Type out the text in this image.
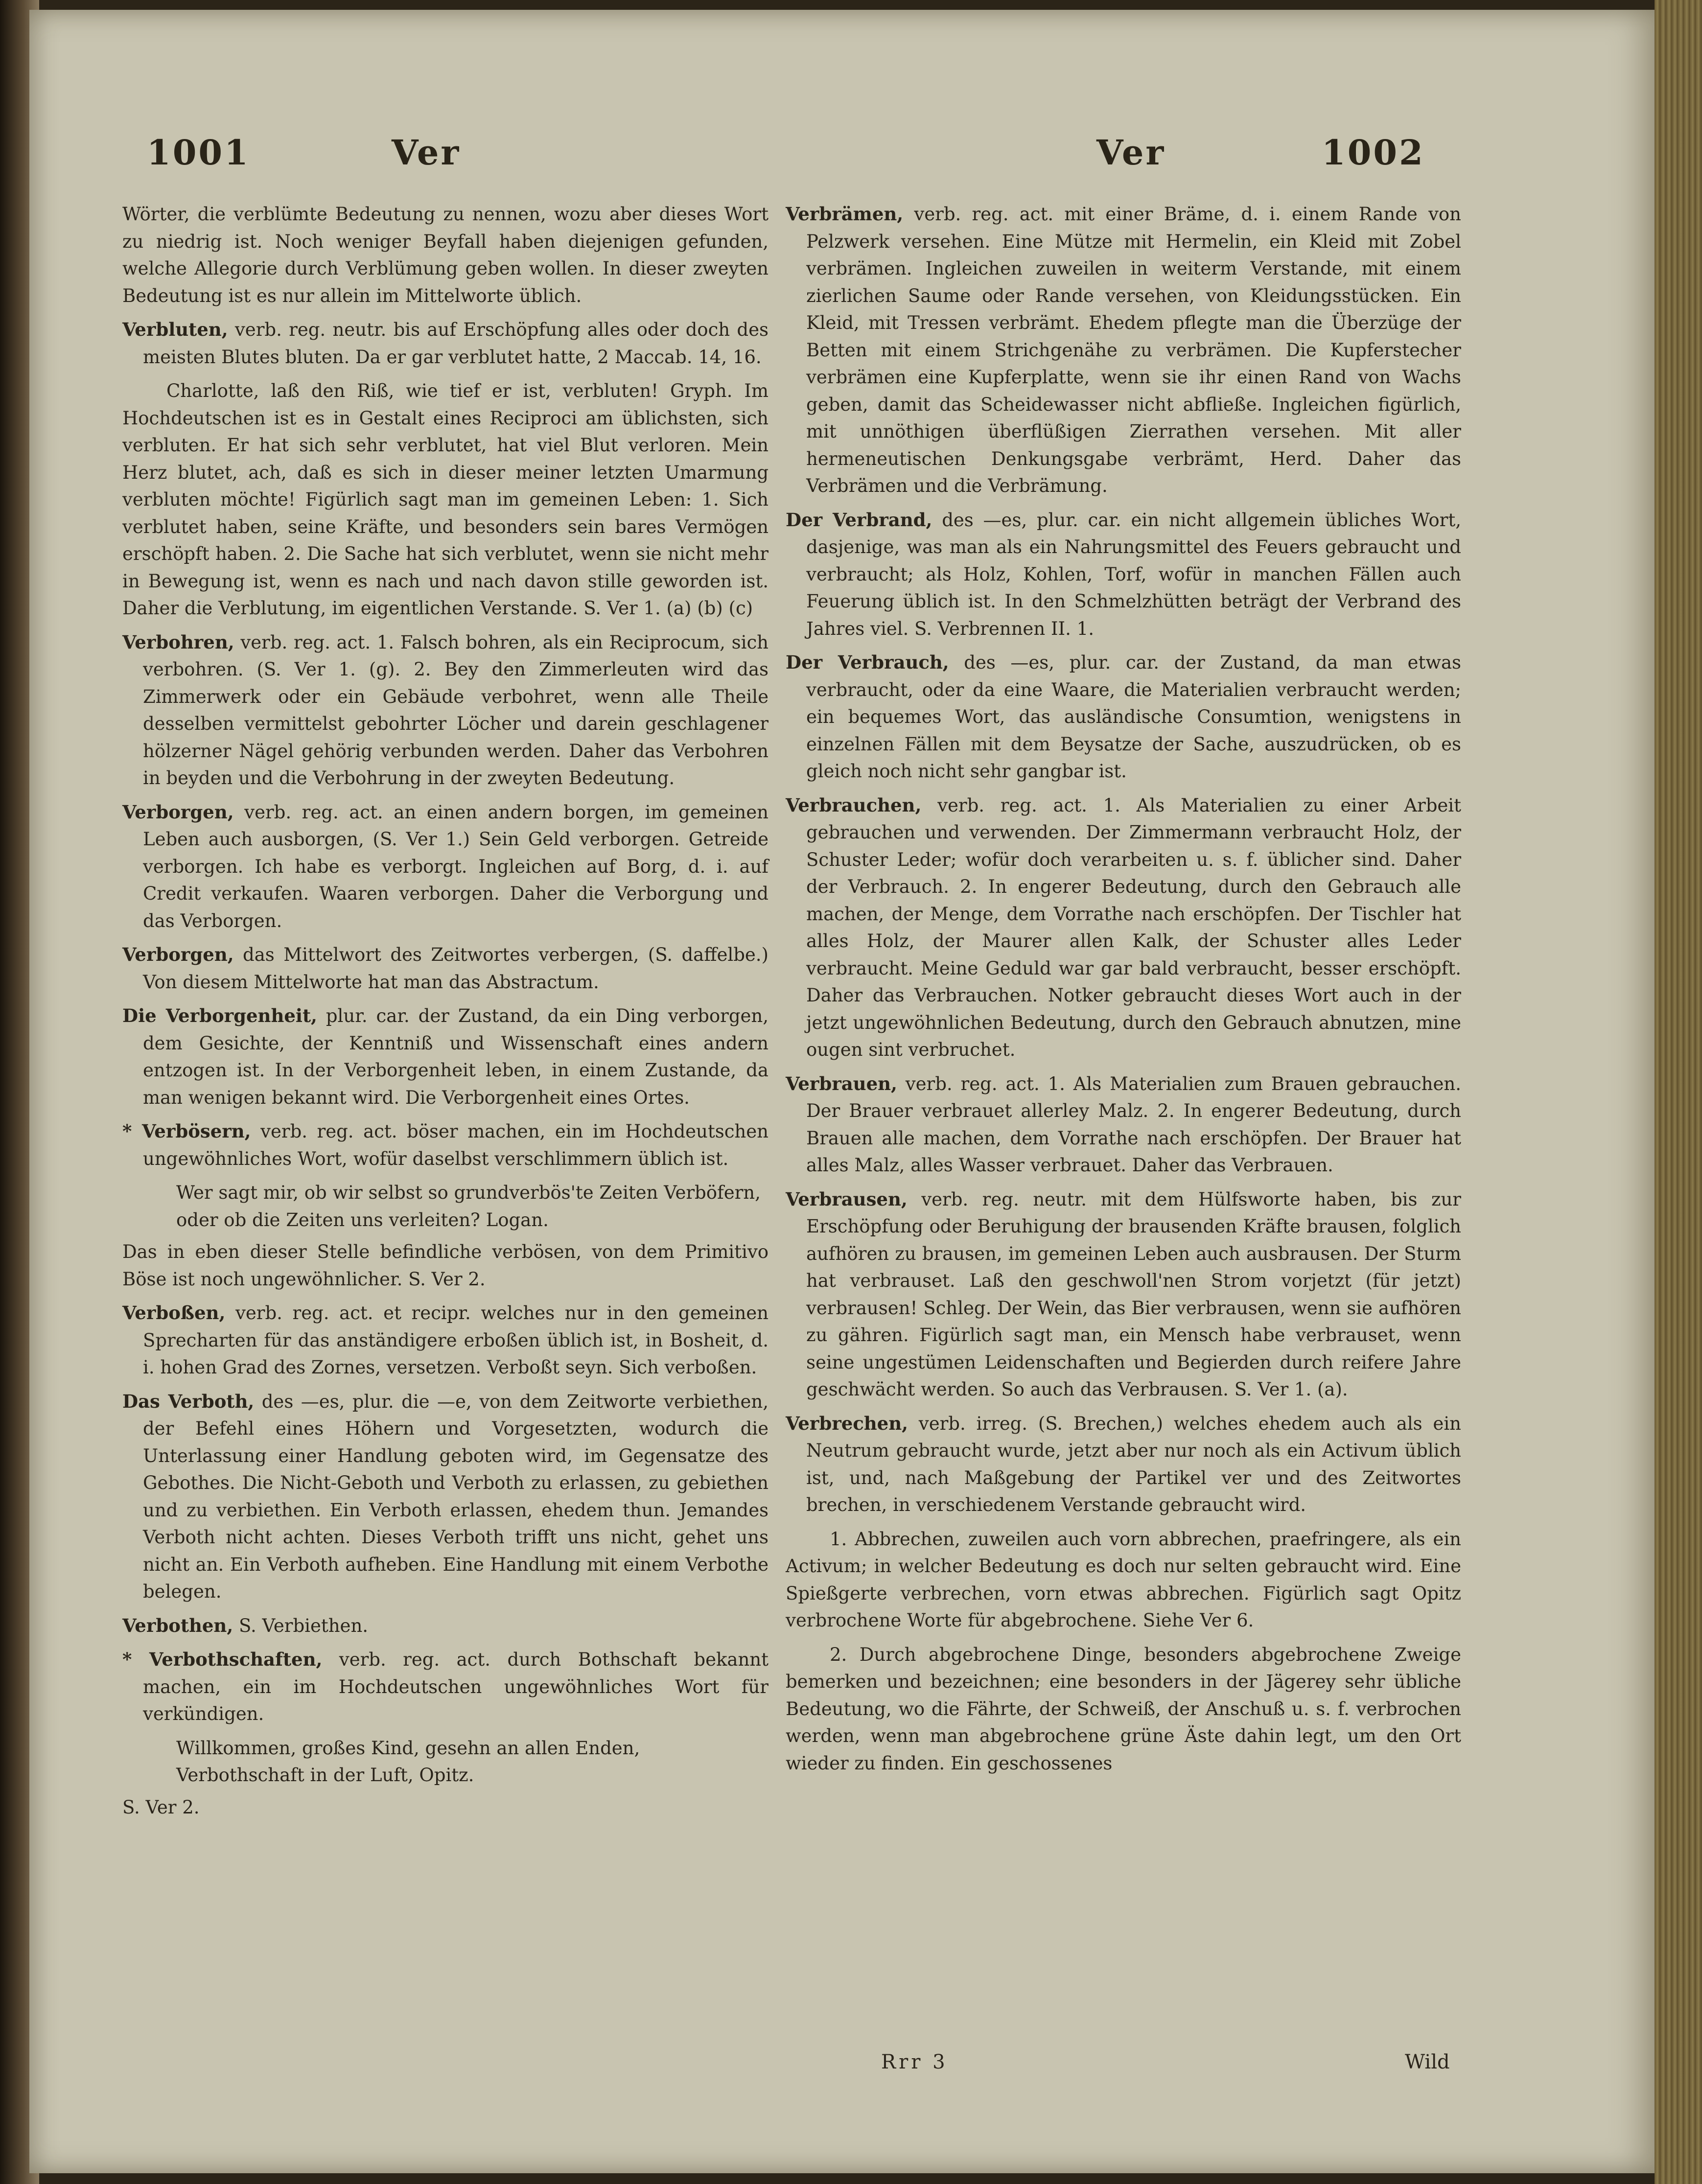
1001	Ver	Ver	1002
Wörter, die verblümte Bedeutung zu nennen, wozu aber dieses Wort zu niedrig ist. Noch weniger Beyfall haben diejenigen gefunden, welche Allegorie durch Verblümung geben wollen. In dieser zweyten Bedeutung ist es nur allein im Mittelworte üblich.
Verbluten, verb. reg. neutr. bis auf Erschöpfung alles oder doch des meisten Blutes bluten. Da er gar verblutet hatte, 2 Maccab. 14, 16.
Charlotte, laß den Riß, wie tief er ist, verbluten! Gryph. Im Hochdeutschen ist es in Gestalt eines Reciproci am üblichsten, sich verbluten. Er hat sich sehr verblutet, hat viel Blut verloren. Mein Herz blutet, ach, daß es sich in dieser meiner letzten Umarmung verbluten möchte! Figürlich sagt man im gemeinen Leben: 1. Sich verblutet haben, seine Kräfte, und besonders sein bares Vermögen erschöpft haben. 2. Die Sache hat sich verblutet, wenn sie nicht mehr in Bewegung ist, wenn es nach und nach davon stille geworden ist. Daher die Verblutung, im eigentlichen Verstande. S. Ver 1. (a) (b) (c)
Verbohren, verb. reg. act. 1. Falsch bohren, als ein Reciprocum, sich verbohren. (S. Ver 1. (g). 2. Bey den Zimmerleuten wird das Zimmerwerk oder ein Gebäude verbohret, wenn alle Theile desselben vermittelst gebohrter Löcher und darein geschlagener hölzerner Nägel gehörig verbunden werden. Daher das Verbohren in beyden und die Verbohrung in der zweyten Bedeutung.
Verborgen, verb. reg. act. an einen andern borgen, im gemeinen Leben auch ausborgen, (S. Ver 1.) Sein Geld verborgen. Getreide verborgen. Ich habe es verborgt. Ingleichen auf Borg, d. i. auf Credit verkaufen. Waaren verborgen. Daher die Verborgung und das Verborgen.
Verborgen, das Mittelwort des Zeitwortes verbergen, (S. daffelbe.) Von diesem Mittelworte hat man das Abstractum.
Die Verborgenheit, plur. car. der Zustand, da ein Ding verborgen, dem Gesichte, der Kenntniß und Wissenschaft eines andern entzogen ist. In der Verborgenheit leben, in einem Zustande, da man wenigen bekannt wird. Die Verborgenheit eines Ortes.
* Verbösern, verb. reg. act. böser machen, ein im Hochdeutschen ungewöhnliches Wort, wofür daselbst verschlimmern üblich ist.
Wer sagt mir, ob wir selbst so grundverbös'te Zeiten Verböfern, oder ob die Zeiten uns verleiten? Logan.
Das in eben dieser Stelle befindliche verbösen, von dem Primitivo Böse ist noch ungewöhnlicher. S. Ver 2.
Verboßen, verb. reg. act. et recipr. welches nur in den gemeinen Sprecharten für das anständigere erboßen üblich ist, in Bosheit, d. i. hohen Grad des Zornes, versetzen. Verboßt seyn. Sich verboßen.
Das Verboth, des —es, plur. die —e, von dem Zeitworte verbiethen, der Befehl eines Höhern und Vorgesetzten, wodurch die Unterlassung einer Handlung geboten wird, im Gegensatze des Gebothes. Die Nicht-Geboth und Verboth zu erlassen, zu gebiethen und zu verbiethen. Ein Verboth erlassen, ehedem thun. Jemandes Verboth nicht achten. Dieses Verboth trifft uns nicht, gehet uns nicht an. Ein Verboth aufheben. Eine Handlung mit einem Verbothe belegen.
Verbothen, S. Verbiethen.
* Verbothschaften, verb. reg. act. durch Bothschaft bekannt machen, ein im Hochdeutschen ungewöhnliches Wort für verkündigen.
Willkommen, großes Kind, gesehn an allen Enden, Verbothschaft in der Luft, Opitz.
S. Ver 2.
Verbrämen, verb. reg. act. mit einer Bräme, d. i. einem Rande von Pelzwerk versehen. Eine Mütze mit Hermelin, ein Kleid mit Zobel verbrämen. Ingleichen zuweilen in weiterm Verstande, mit einem zierlichen Saume oder Rande versehen, von Kleidungsstücken. Ein Kleid, mit Tressen verbrämt. Ehedem pflegte man die Überzüge der Betten mit einem Strichgenähe zu verbrämen. Die Kupferstecher verbrämen eine Kupferplatte, wenn sie ihr einen Rand von Wachs geben, damit das Scheidewasser nicht abfließe. Ingleichen figürlich, mit unnöthigen überflüßigen Zierrathen versehen. Mit aller hermeneutischen Denkungsgabe verbrämt, Herd. Daher das Verbrämen und die Verbrämung.
Der Verbrand, des —es, plur. car. ein nicht allgemein übliches Wort, dasjenige, was man als ein Nahrungsmittel des Feuers gebraucht und verbraucht; als Holz, Kohlen, Torf, wofür in manchen Fällen auch Feuerung üblich ist. In den Schmelzhütten beträgt der Verbrand des Jahres viel. S. Verbrennen II. 1.
Der Verbrauch, des —es, plur. car. der Zustand, da man etwas verbraucht, oder da eine Waare, die Materialien verbraucht werden; ein bequemes Wort, das ausländische Consumtion, wenigstens in einzelnen Fällen mit dem Beysatze der Sache, auszudrücken, ob es gleich noch nicht sehr gangbar ist.
Verbrauchen, verb. reg. act. 1. Als Materialien zu einer Arbeit gebrauchen und verwenden. Der Zimmermann verbraucht Holz, der Schuster Leder; wofür doch verarbeiten u. s. f. üblicher sind. Daher der Verbrauch. 2. In engerer Bedeutung, durch den Gebrauch alle machen, der Menge, dem Vorrathe nach erschöpfen. Der Tischler hat alles Holz, der Maurer allen Kalk, der Schuster alles Leder verbraucht. Meine Geduld war gar bald verbraucht, besser erschöpft. Daher das Verbrauchen. Notker gebraucht dieses Wort auch in der jetzt ungewöhnlichen Bedeutung, durch den Gebrauch abnutzen, mine ougen sint verbruchet.
Verbrauen, verb. reg. act. 1. Als Materialien zum Brauen gebrauchen. Der Brauer verbrauet allerley Malz. 2. In engerer Bedeutung, durch Brauen alle machen, dem Vorrathe nach erschöpfen. Der Brauer hat alles Malz, alles Wasser verbrauet. Daher das Verbrauen.
Verbrausen, verb. reg. neutr. mit dem Hülfsworte haben, bis zur Erschöpfung oder Beruhigung der brausenden Kräfte brausen, folglich aufhören zu brausen, im gemeinen Leben auch ausbrausen. Der Sturm hat verbrauset. Laß den geschwoll'nen Strom vorjetzt (für jetzt) verbrausen! Schleg. Der Wein, das Bier verbrausen, wenn sie aufhören zu gähren. Figürlich sagt man, ein Mensch habe verbrauset, wenn seine ungestümen Leidenschaften und Begierden durch reifere Jahre geschwächt werden. So auch das Verbrausen. S. Ver 1. (a).
Verbrechen, verb. irreg. (S. Brechen,) welches ehedem auch als ein Neutrum gebraucht wurde, jetzt aber nur noch als ein Activum üblich ist, und, nach Maßgebung der Partikel ver und des Zeitwortes brechen, in verschiedenem Verstande gebraucht wird.
1. Abbrechen, zuweilen auch vorn abbrechen, praefringere, als ein Activum; in welcher Bedeutung es doch nur selten gebraucht wird. Eine Spießgerte verbrechen, vorn etwas abbrechen. Figürlich sagt Opitz verbrochene Worte für abgebrochene. Siehe Ver 6.
2. Durch abgebrochene Dinge, besonders abgebrochene Zweige bemerken und bezeichnen; eine besonders in der Jägerey sehr übliche Bedeutung, wo die Fährte, der Schweiß, der Anschuß u. s. f. verbrochen werden, wenn man abgebrochene grüne Äste dahin legt, um den Ort wieder zu finden. Ein geschossenes
Rrr 3	Wild
